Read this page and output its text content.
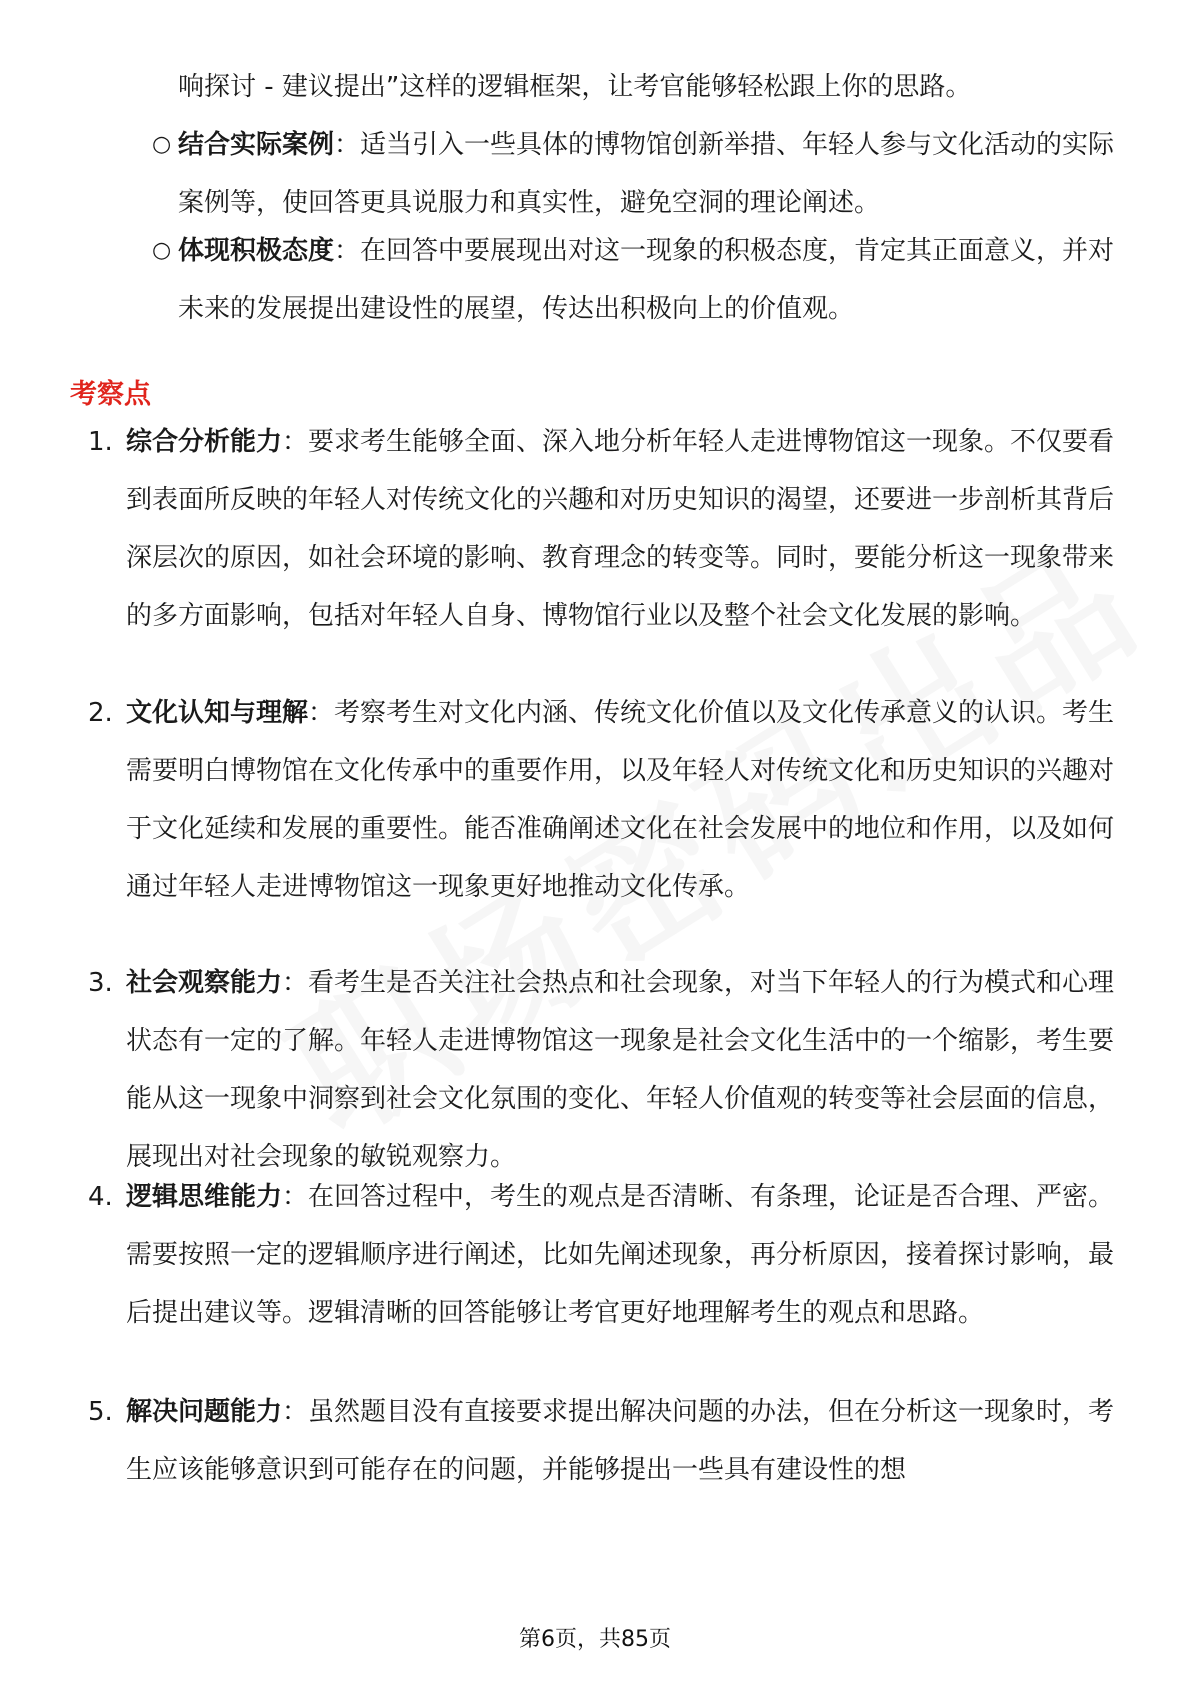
响探讨 - 建议提出”这样的逻辑框架，让考官能够轻松跟上你的思路。
○ 结合实际案例：适当引入一些具体的博物馆创新举措、年轻人参与文化活动的实际案例等，使回答更具说服力和真实性，避免空洞的理论阐述。
○ 体现积极态度：在回答中要展现出对这一现象的积极态度，肯定其正面意义，并对未来的发展提出建设性的展望，传达出积极向上的价值观。
考察点
1. 综合分析能力：要求考生能够全面、深入地分析年轻人走进博物馆这一现象。不仅要看到表面所反映的年轻人对传统文化的兴趣和对历史知识的渴望，还要进一步剖析其背后深层次的原因，如社会环境的影响、教育理念的转变等。同时，要能分析这一现象带来的多方面影响，包括对年轻人自身、博物馆行业以及整个社会文化发展的影响。
2. 文化认知与理解：考察考生对文化内涵、传统文化价值以及文化传承意义的认识。考生需要明白博物馆在文化传承中的重要作用，以及年轻人对传统文化和历史知识的兴趣对于文化延续和发展的重要性。能否准确阐述文化在社会发展中的地位和作用，以及如何通过年轻人走进博物馆这一现象更好地推动文化传承。
3. 社会观察能力：看考生是否关注社会热点和社会现象，对当下年轻人的行为模式和心理状态有一定的了解。年轻人走进博物馆这一现象是社会文化生活中的一个缩影，考生要能从这一现象中洞察到社会文化氛围的变化、年轻人价值观的转变等社会层面的信息，展现出对社会现象的敏锐观察力。
4. 逻辑思维能力：在回答过程中，考生的观点是否清晰、有条理，论证是否合理、严密。需要按照一定的逻辑顺序进行阐述，比如先阐述现象，再分析原因，接着探讨影响，最后提出建议等。逻辑清晰的回答能够让考官更好地理解考生的观点和思路。
5. 解决问题能力：虽然题目没有直接要求提出解决问题的办法，但在分析这一现象时，考生应该能够意识到可能存在的问题，并能够提出一些具有建设性的想
第6页，共85页
